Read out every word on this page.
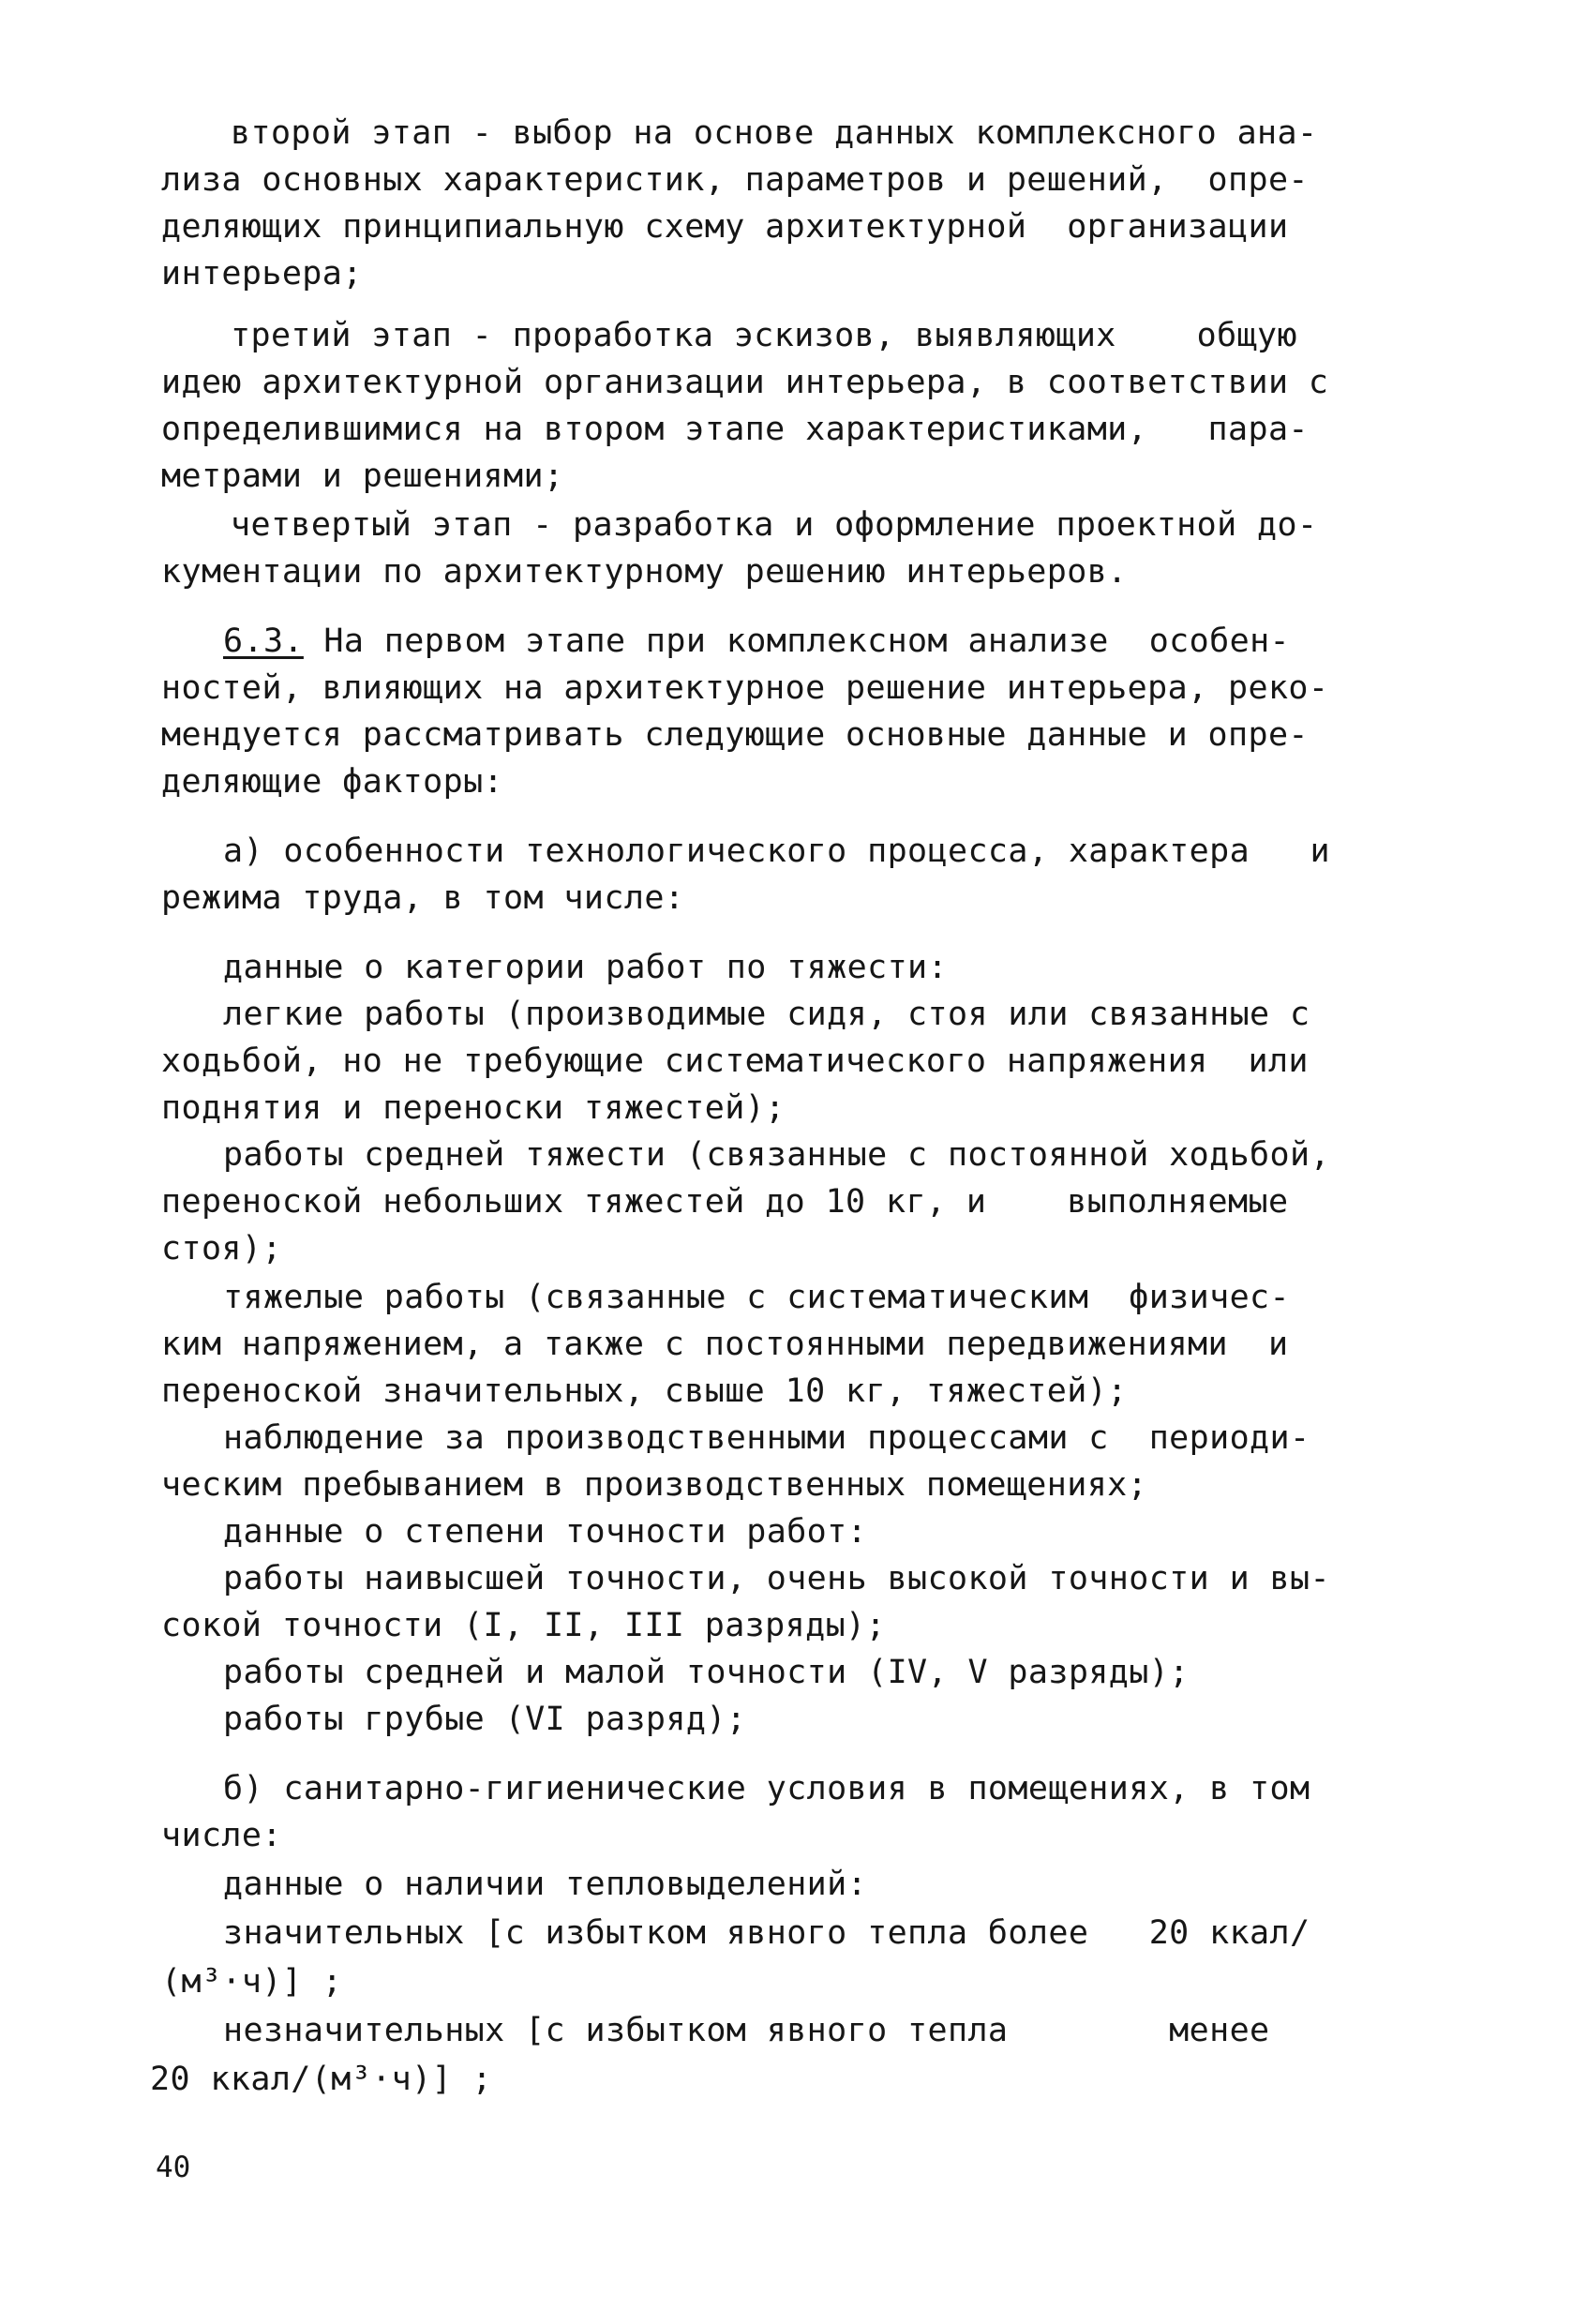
второй этап - выбор на основе данных комплексного ана-
лиза основных характеристик, параметров и решений,  опре-
деляющих принципиальную схему архитектурной  организации
интерьера;
третий этап - проработка эскизов, выявляющих    общую
идею архитектурной организации интерьера, в соответствии с
определившимися на втором этапе характеристиками,   пара-
метрами и решениями;
четвертый этап - разработка и оформление проектной до-
кументации по архитектурному решению интерьеров.
6.3. На первом этапе при комплексном анализе  особен-
ностей, влияющих на архитектурное решение интерьера, реко-
мендуется рассматривать следующие основные данные и опре-
деляющие факторы:
а) особенности технологического процесса, характера   и
режима труда, в том числе:
данные о категории работ по тяжести:
легкие работы (производимые сидя, стоя или связанные с
ходьбой, но не требующие систематического напряжения  или
поднятия и переноски тяжестей);
работы средней тяжести (связанные с постоянной ходьбой,
переноской небольших тяжестей до 10 кг, и    выполняемые
стоя);
тяжелые работы (связанные с систематическим  физичес-
ким напряжением, а также с постоянными передвижениями  и
переноской значительных, свыше 10 кг, тяжестей);
наблюдение за производственными процессами с  периоди-
ческим пребыванием в производственных помещениях;
данные о степени точности работ:
работы наивысшей точности, очень высокой точности и вы-
сокой точности (I, II, III разряды);
работы средней и малой точности (IV, V разряды);
работы грубые (VI разряд);
б) санитарно-гигиенические условия в помещениях, в том
числе:
данные о наличии тепловыделений:
значительных [с избытком явного тепла более   20 ккал/
(м³·ч)] ;
незначительных [с избытком явного тепла        менее
20 ккал/(м³·ч)] ;
40
